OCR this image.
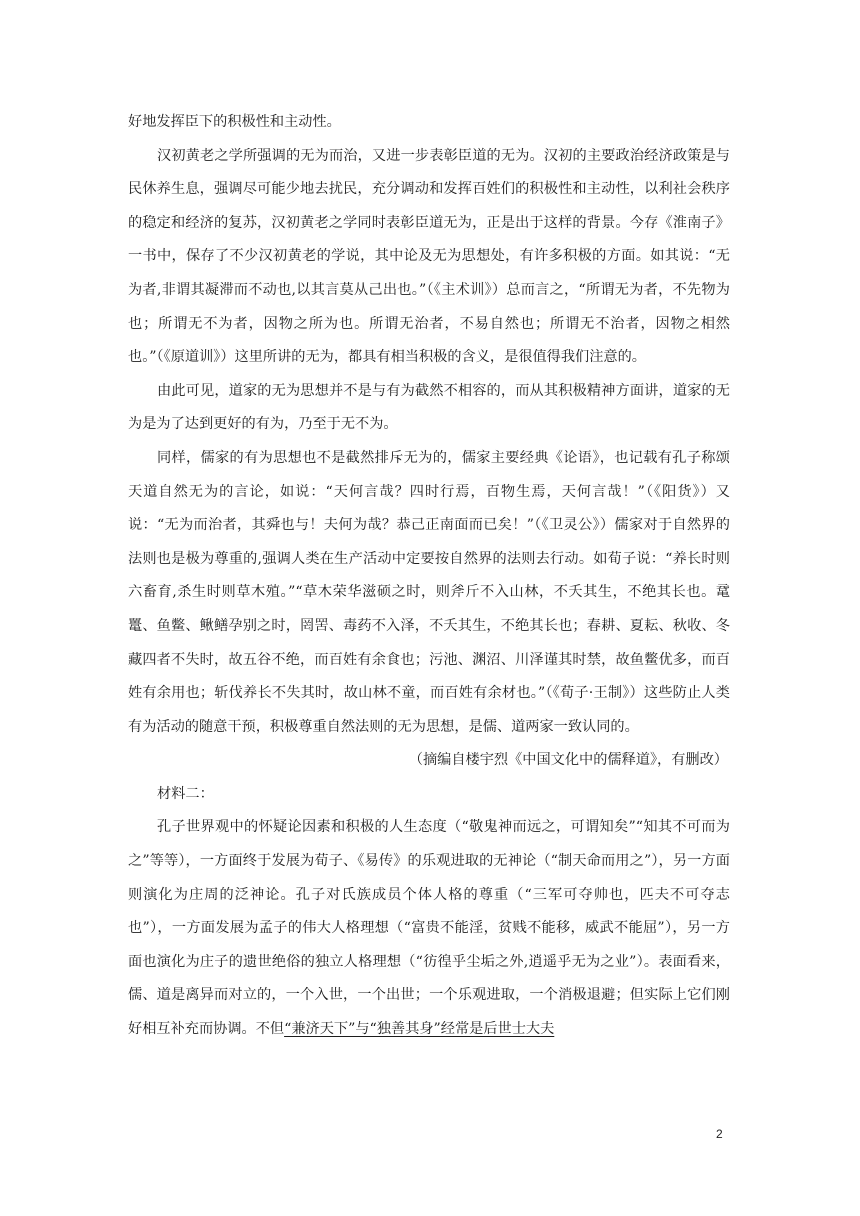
好地发挥臣下的积极性和主动性。

汉初黄老之学所强调的无为而治，又进一步表彰臣道的无为。汉初的主要政治经济政策是与民休养生息，强调尽可能少地去扰民，充分调动和发挥百姓们的积极性和主动性，以利社会秩序的稳定和经济的复苏，汉初黄老之学同时表彰臣道无为，正是出于这样的背景。今存《淮南子》一书中，保存了不少汉初黄老的学说，其中论及无为思想处，有许多积极的方面。如其说：“无为者,非谓其凝滞而不动也,以其言莫从己出也。”（《主术训》）总而言之，“所谓无为者，不先物为也；所谓无不为者，因物之所为也。所谓无治者，不易自然也；所谓无不治者，因物之相然也。”（《原道训》）这里所讲的无为，都具有相当积极的含义，是很值得我们注意的。

由此可见，道家的无为思想并不是与有为截然不相容的，而从其积极精神方面讲，道家的无为是为了达到更好的有为，乃至于无不为。

同样，儒家的有为思想也不是截然排斥无为的，儒家主要经典《论语》，也记载有孔子称颂天道自然无为的言论，如说：“天何言哉？四时行焉，百物生焉，天何言哉！”（《阳货》）又说：“无为而治者，其舜也与！夫何为哉？恭己正南面而已矣！”（《卫灵公》）儒家对于自然界的法则也是极为尊重的,强调人类在生产活动中定要按自然界的法则去行动。如荀子说：“养长时则六畜育,杀生时则草木殖。”“草木荣华滋硕之时，则斧斤不入山林，不夭其生，不绝其长也。鼋鼍、鱼鳖、鳅鳝孕别之时，罔罟、毒药不入泽，不夭其生，不绝其长也；春耕、夏耘、秋收、冬藏四者不失时，故五谷不绝，而百姓有余食也；污池、渊沼、川泽谨其时禁，故鱼鳖优多，而百姓有余用也；斩伐养长不失其时，故山林不童，而百姓有余材也。”（《荀子·王制》）这些防止人类有为活动的随意干预，积极尊重自然法则的无为思想，是儒、道两家一致认同的。

（摘编自楼宇烈《中国文化中的儒释道》，有删改）

材料二：

孔子世界观中的怀疑论因素和积极的人生态度（“敬鬼神而远之，可谓知矣”“知其不可而为之”等等），一方面终于发展为荀子、《易传》的乐观进取的无神论（“制天命而用之”），另一方面则演化为庄周的泛神论。孔子对氏族成员个体人格的尊重（“三军可夺帅也，匹夫不可夺志也”），一方面发展为孟子的伟大人格理想（“富贵不能淫，贫贱不能移，威武不能屈”），另一方面也演化为庄子的遗世绝俗的独立人格理想（“彷徨乎尘垢之外,逍遥乎无为之业”）。表面看来，儒、道是离异而对立的，一个入世，一个出世；一个乐观进取，一个消极退避；但实际上它们刚好相互补充而协调。不但“兼济天下”与“独善其身”经常是后世士大夫

2
